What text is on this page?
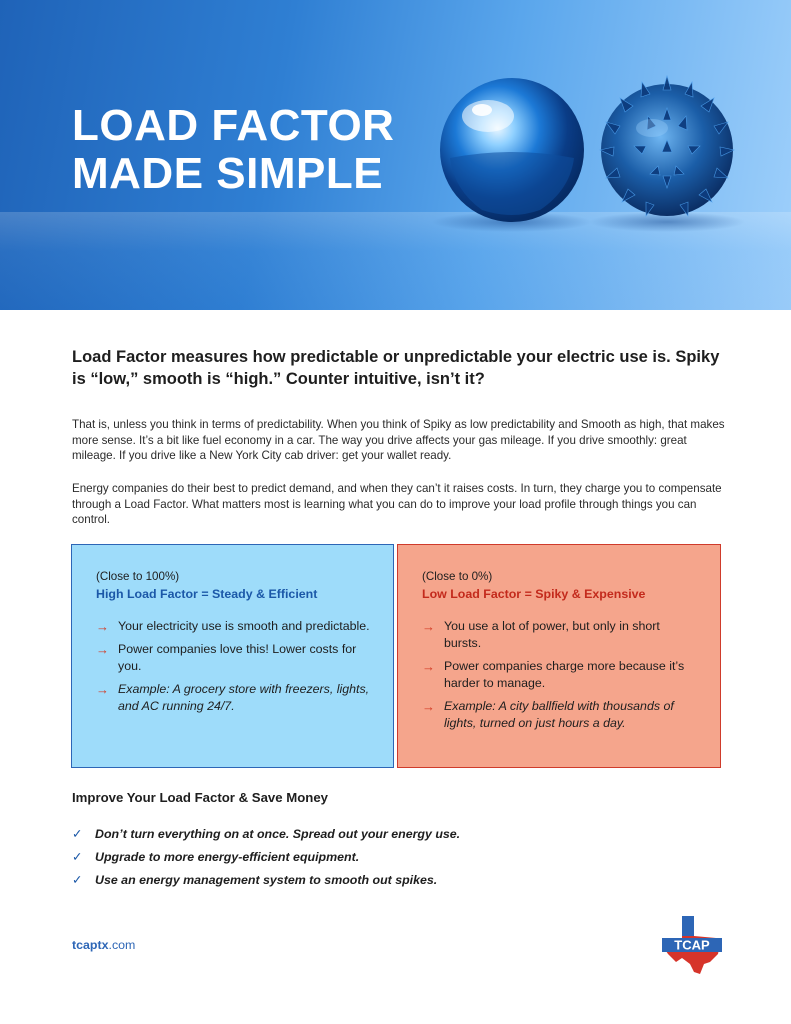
LOAD FACTOR
MADE SIMPLE
Load Factor measures how predictable or unpredictable your electric use is. Spiky is “low,” smooth is “high.” Counter intuitive, isn’t it?

That is, unless you think in terms of predictability. When you think of Spiky as low predictability and Smooth as high, that makes more sense. It’s a bit like fuel economy in a car. The way you drive affects your gas mileage. If you drive smoothly: great mileage. If you drive like a New York City cab driver: get your wallet ready.

Energy companies do their best to predict demand, and when they can’t it raises costs. In turn, they charge you to compensate through a Load Factor. What matters most is learning what you can do to improve your load profile through things you can control.

(Close to 100%)
High Load Factor = Steady & Efficient
→ Your electricity use is smooth and predictable.
→ Power companies love this! Lower costs for you.
→ Example: A grocery store with freezers, lights, and AC running 24/7.
(Close to 0%)
Low Load Factor = Spiky & Expensive
→ You use a lot of power, but only in short bursts.
→ Power companies charge more because it’s harder to manage.
→ Example: A city ballfield with thousands of lights, turned on just hours a day.
Improve Your Load Factor & Save Money
✓	Don’t turn everything on at once. Spread out your energy use.
✓	Upgrade to more energy-efficient equipment.
✓	Use an energy management system to smooth out spikes.
tcaptx.com	TCAP
